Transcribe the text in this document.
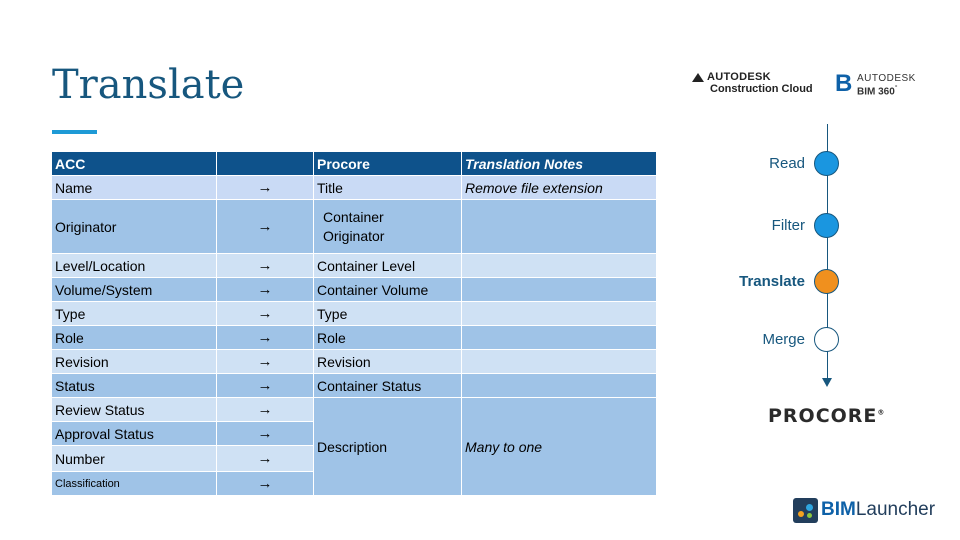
Translate	AUTODESK
Construction Cloud B AUTODESK
BIM 360°
ACC		Procore	Translation Notes
Name	→	Title	Remove file extension
Originator	→	Container
Originator	

Level/Location	→	Container Level	
Volume/System	→	Container Volume	
Type	→	Type	
Role	→	Role	
Revision	→	Revision	
Status	→	Container Status	
Review Status	→	Description	Many to one
Approval Status	→		
Number	→		
Classification	→		
Read
Filter
Translate
Merge
PROCORE®
BIMLauncher
